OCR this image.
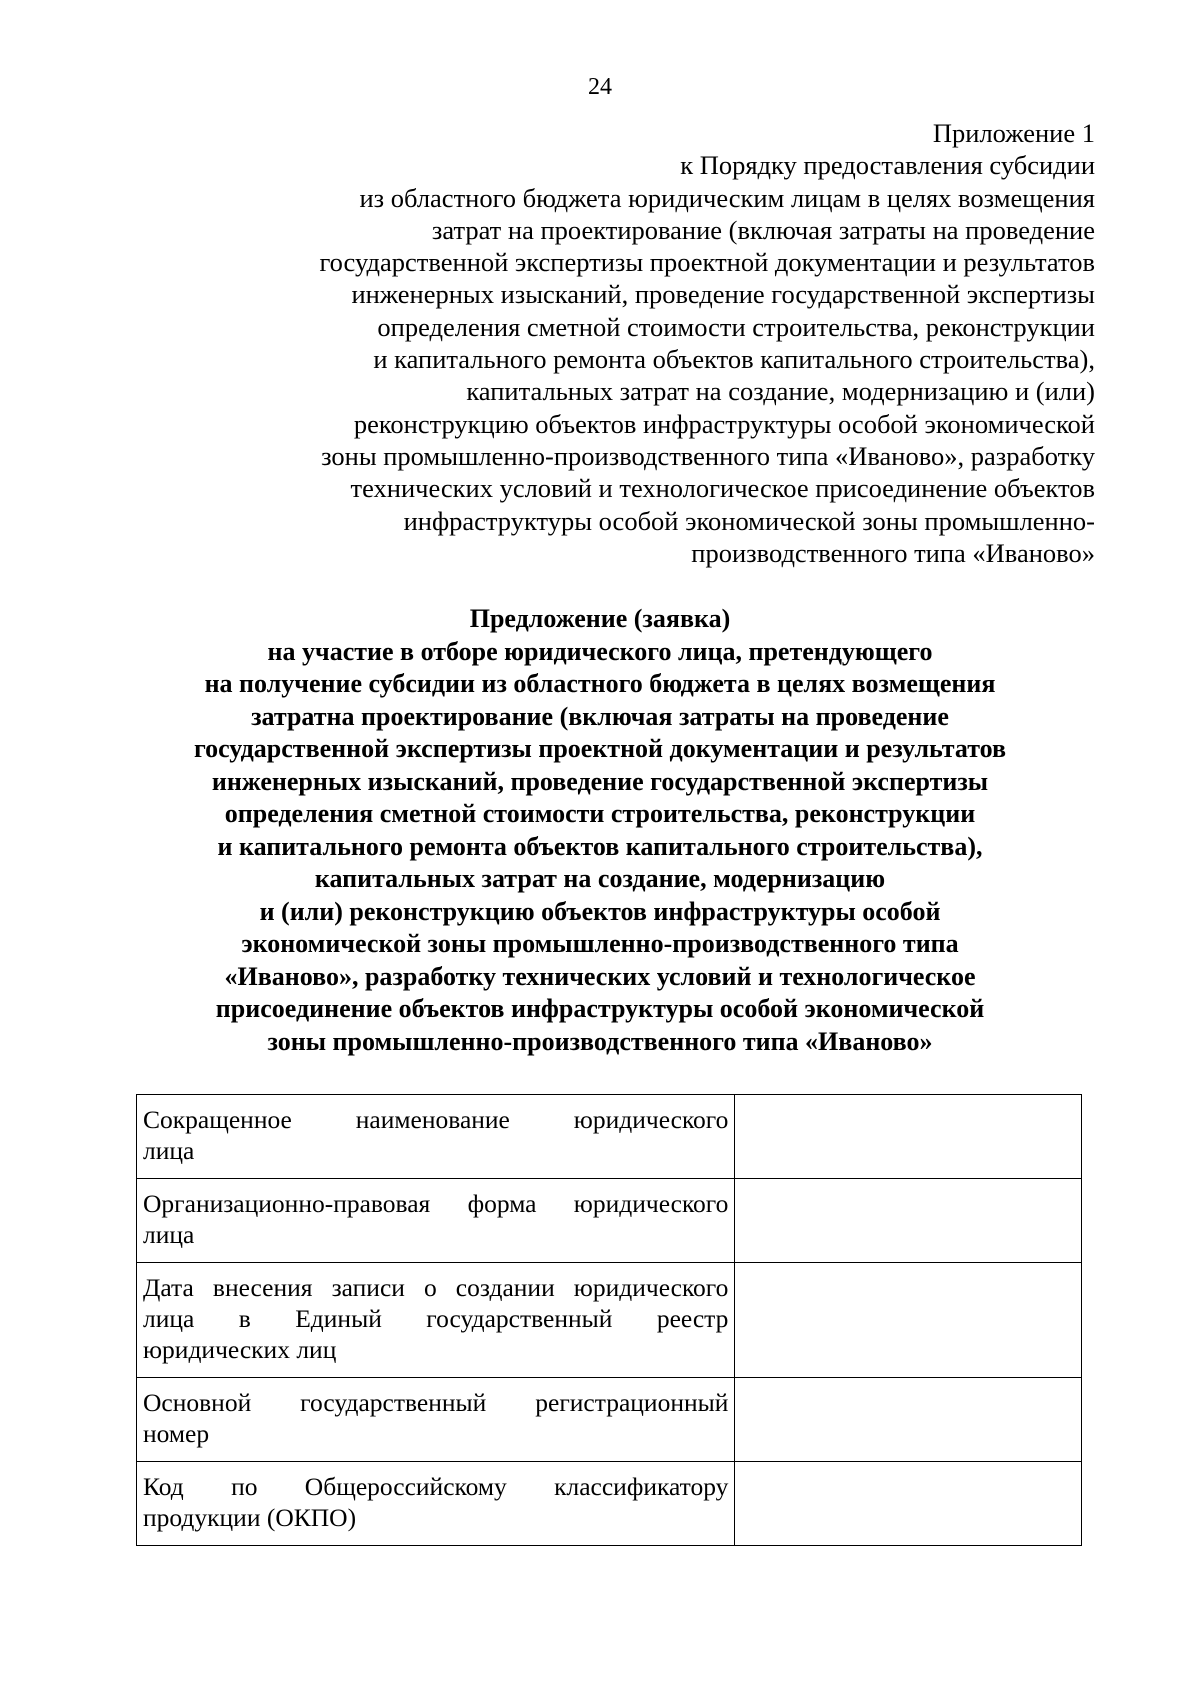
24
Приложение 1
к Порядку предоставления субсидии
из областного бюджета юридическим лицам в целях возмещения
затрат на проектирование (включая затраты на проведение
государственной экспертизы проектной документации и результатов
инженерных изысканий, проведение государственной экспертизы
определения сметной стоимости строительства, реконструкции
и капитального ремонта объектов капитального строительства),
капитальных затрат на создание, модернизацию и (или)
реконструкцию объектов инфраструктуры особой экономической
зоны промышленно-производственного типа «Иваново», разработку
технических условий и технологическое присоединение объектов
инфраструктуры особой экономической зоны промышленно-
производственного типа «Иваново»
Предложение (заявка)
на участие в отборе юридического лица, претендующего
на получение субсидии из областного бюджета в целях возмещения
затратна проектирование (включая затраты на проведение
государственной экспертизы проектной документации и результатов
инженерных изысканий, проведение государственной экспертизы
определения сметной стоимости строительства, реконструкции
и капитального ремонта объектов капитального строительства),
капитальных затрат на создание, модернизацию
и (или) реконструкцию объектов инфраструктуры особой
экономической зоны промышленно-производственного типа
«Иваново», разработку технических условий и технологическое
присоединение объектов инфраструктуры особой экономической
зоны промышленно-производственного типа «Иваново»
Сокращенное наименование юридического
лица	

Организационно-правовая форма юридического
лица	

Дата внесения записи о создании юридического
лица в Единый государственный реестр
юридических лиц	

Основной государственный регистрационный
номер	

Код по Общероссийскому классификатору
продукции (ОКПО)	
